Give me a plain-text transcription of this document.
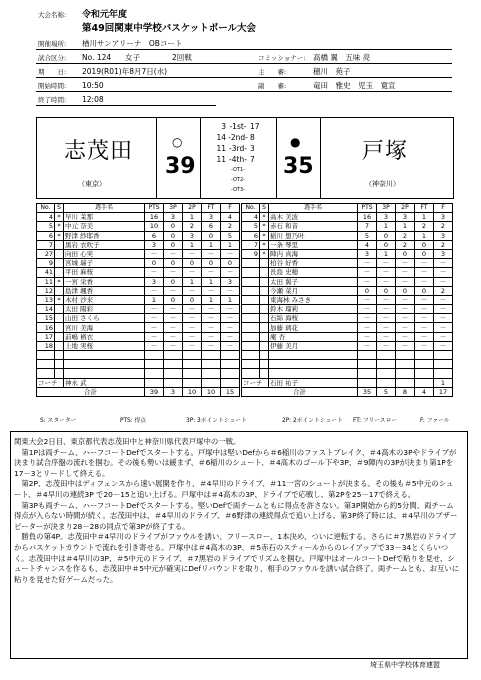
大会名称: 令和元年度
第49回関東中学校バスケットボール大会
開催場所: 楢川サンアリーナ　OBコート
試合区分: No. 124 女子	2回戦	コミッショナー: 高橋 翼　五味 亮
期　　日: 2019(R01)年8月7日(水)	主　　審:	穂川　苑子
開始時間: 10:50	副　　審:	竜田　雅史　児玉　寛宣
終了時間: 12:08
志茂田
（東京）
○
39
3 -1st- 17
14 -2nd- 8
11 -3rd- 3
11 -4th- 7
-OT1-
-OT2-
-OT3-
●
35
戸塚
（神奈川）
No.	S	選手名	PTS	3P	2P	FT	F
4	*	早川 茉那	16	3	1	3	4
5	*	中元 奈美	10	0	2	6	2
6	*	野津 紗耶香	6	0	3	0	5
7		黒岩 衣吹子	3	0	1	1	1
27		向田 心実	－	－	－	－	－
9		宮城 瑞子	0	0	0	0	0
41		平田 麻桜	－	－	－	－	－
11	*	一宮 栄香	3	0	1	1	3
12		島津 颯香	－	－	－	－	－
13	*	木村 沙来	1	0	0	1	1
14		太田 陽彩	－	－	－	－	－
15		山田 さくら	－	－	－	－	－
16		宮川 美海	－	－	－	－	－
17		前嶋 楢衣	－	－	－	－	－
18		上地 実桜	－	－	－	－	－

コーチ		神永 武					
合計			39	3	10	10	15
No.	S	選手名	PTS	3P	2P	FT	F
4	*	高木 美波	16	3	3	1	3
5	*	赤石 和音	7	1	1	2	2
6	*	稲川 想乃叶	5	0	2	1	3
7	*	一条 琴里	4	0	2	0	2
9	*	陣内 真海	3	1	0	0	3
		柏谷 好香	－	－	－	－	－
		長島 史穂	－	－	－	－	－
		太田 翼子	－	－	－	－	－
		今瀬 菜月	0	0	0	0	2
		東海林 みさき	－	－	－	－	－
		鈴木 瑠莉	－	－	－	－	－
		石綿 海桜	－	－	－	－	－
		加藤 璃花	－	－	－	－	－
		庵 杏	－	－	－	－	－
		伊藤 美月	－	－	－	－	－

コーチ		石田 祐子					1
合計			35	5	8	4	17
S: スターター	PTS: 得点	3P: 3ポイントシュート	2P: 2ポイントシュート FT: フリースロー	F: ファール

関東大会2日目、東京都代表志茂田中と神奈川県代表戸塚中の一戦。

第1Pは両チーム、ハーフコートDefでスタートする。戸塚中は堅いDefから＃6稲川のファストブレイク、＃4高木の3Pやドライブが決まり試合序盤の流れを掴む。その後も勢いは緩まず、＃6稲川のシュート、＃4高木のゴール下や3P、＃9陣内の3Pが決まり第1Pを17－3とリードして終える。

第2P、志茂田中はディフェンスから速い展開を作り、＃4早川のドライブ、＃11一宮のシュートが決まる。その後も＃5中元のシュート、＃4早川の連続3P で20－15と追い上げる。戸塚中は＃4高木の3P、ドライブで応戦し、第2Pを25－17で終える。

第3Pも両チーム、ハーフコートDefでスタートする。堅いDefで両チームともに得点を許さない。第3P開始から約5分間、両チーム得点が入らない時間が続く。志茂田中は、＃4早川のドライブ、＃6野津の連続得点で追い上げる。第3P終了時には、＃4早川のブザービーターが決まり28－28の同点で第3Pが終了する。

勝負の第4P。志茂田中＃4早川のドライブがファウルを誘い、フリースロー、1本決め、ついに逆転する。さらに＃7黒岩のドライブからバスケットカウントで流れを引き寄せる。戸塚中は＃4高木の3P、＃5赤石のスティールからのレイアップで33－34とくらいつく。志茂田中は＃4早川の3P、＃5中元のドライブ、＃7黒岩のドライブでリズムを掴む。戸塚中はオールコートDefで粘りを見せ、シュートチャンスを作るも、志茂田中＃5中元が確実にDefリバウンドを取り、相手のファウルを誘い試合終了。両チームとも、お互いに粘りを見せた好ゲームだった。

埼玉県中学校体育連盟
